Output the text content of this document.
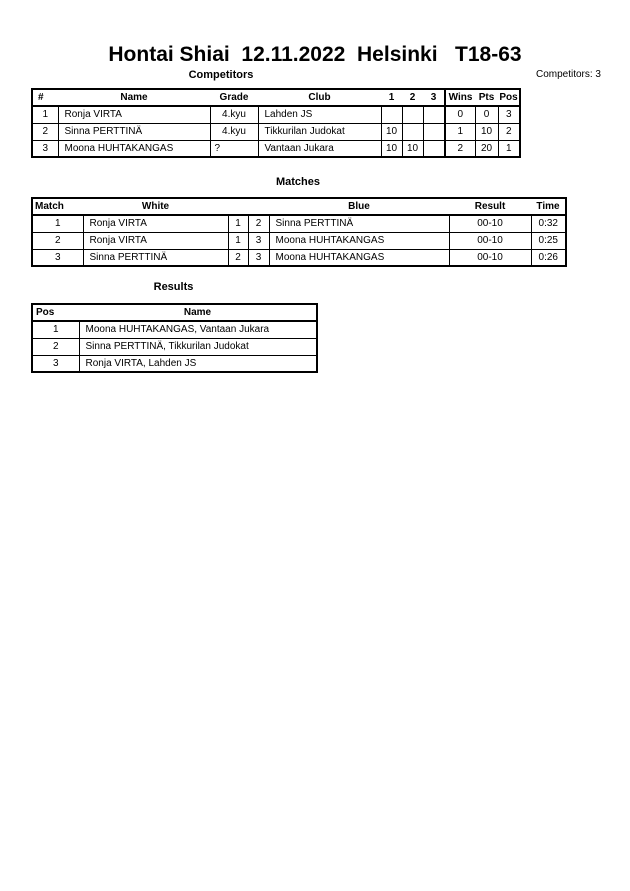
Hontai Shiai  12.11.2022  Helsinki   T18-63
Competitors	Competitors: 3
#	Name	Grade	Club	1	2	3	Wins	Pts	Pos
1	Ronja VIRTA	4.kyu	Lahden JS				0	0	3
2	Sinna PERTTINÄ	4.kyu	Tikkurilan Judokat	10			1	10	2
3	Moona HUHTAKANGAS	?	Vantaan Jukara	10	10		2	20	1
Matches
Match	White			Blue	Result	Time
1	Ronja VIRTA	1	2	Sinna PERTTINÄ	00-10	0:32
2	Ronja VIRTA	1	3	Moona HUHTAKANGAS	00-10	0:25
3	Sinna PERTTINÄ	2	3	Moona HUHTAKANGAS	00-10	0:26
Results
Pos	Name
1	Moona HUHTAKANGAS, Vantaan Jukara
2	Sinna PERTTINÄ, Tikkurilan Judokat
3	Ronja VIRTA, Lahden JS
